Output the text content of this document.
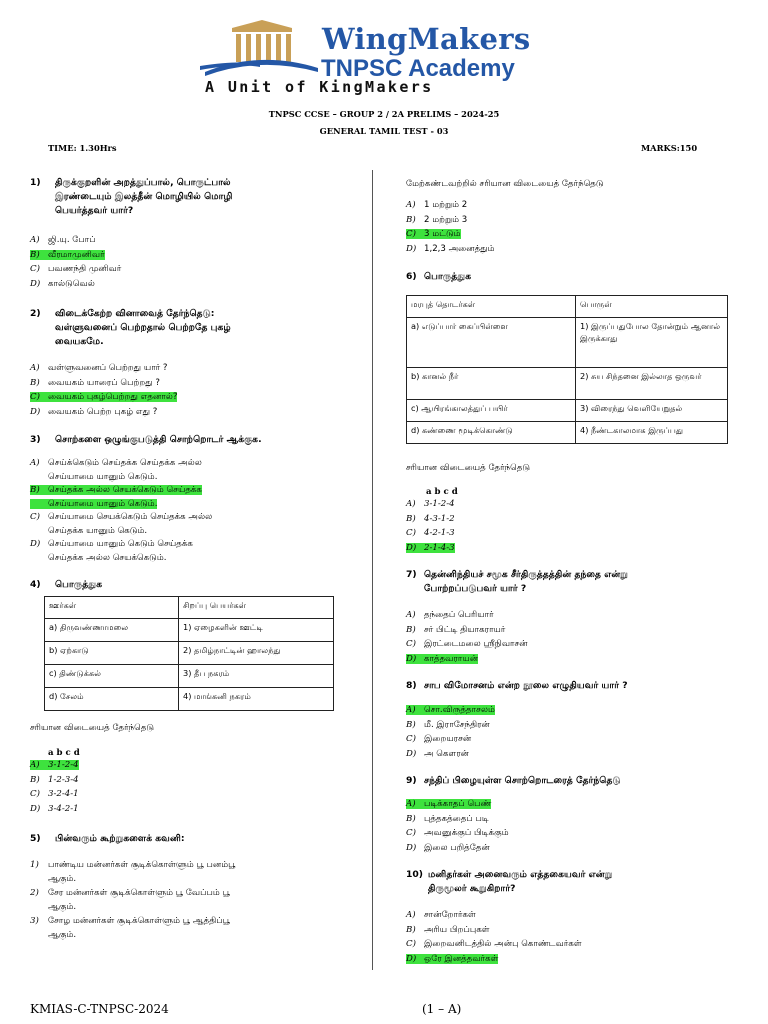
WingMakers
TNPSC Academy
A Unit of KingMakers
TNPSC CCSE – GROUP 2 / 2A PRELIMS – 2024-25
GENERAL TAMIL TEST - 03
TIME: 1.30Hrs	MARKS:150
1) திருக்குறளின் அறத்துப்பால், பொருட்பால்
இரண்டையும் இலத்தீன் மொழியில் மொழி
பெயர்த்தவர் யார்?
A) ஜி.யு. போப்
B) வீரமாமுனிவர்
C) பவணந்தி முனிவர்
D) கால்டுவெல்
2) விடைக்கேற்ற வினாவைத் தேர்ந்தெடு:
வள்ளுவனைப் பெற்றதால் பெற்றதே புகழ்
வையகமே.
A) வள்ளுவனைப் பெற்றது யார் ?
B) வையகம் யாரைப் பெற்றது ?
C) வையகம் புகழ்பெற்றது எதனால்?
D) வையகம் பெற்ற புகழ் எது ?
3) சொற்களை ஒழுங்குபடுத்தி சொற்றொடர் ஆக்குக.
A) செய்க்கெடும் செய்தக்க செய்தக்க அல்ல
செய்யாமை யானும் கெடும்.
B) செய்தக்க அல்ல செயக்கெடும் செய்தக்க
செய்யாமை யானும் கெடும்.
C) செய்யாமை செயக்கெடும் செய்தக்க அல்ல
செய்தக்க யானும் கெடும்.
D) செய்யாமை யானும் கெடும் செய்தக்க
செய்தக்க அல்ல செயக்கெடும்.
4) பொருத்துக
ஊர்கள்	சிறப்பு பெயர்கள்
a) திருவண்ணாமலை	1) ஏழைகளின் ஊட்டி
b) ஏற்காடு	2) தமிழ்நாட்டின் ஹாலந்து
c) திண்டுக்கல்	3) தீப நகரம்
d) சேலம்	4) மாங்கனி நகரம்
சரியான விடையைத் தேர்ந்தெடு
a b c d
A) 3-1-2-4
B) 1-2-3-4
C) 3-2-4-1
D) 3-4-2-1
5) பின்வரும் கூற்றுகளைக் கவனி:
1) பாண்டிய மன்னர்கள் சூடிக்கொள்ளும் பூ பனம்பூ
ஆகும்.
2) சேர மன்னர்கள் சூடிக்கொள்ளும் பூ வேப்பம் பூ
ஆகும்.
3) சோழ மன்னர்கள் சூடிக்கொள்ளும் பூ ஆத்திப்பூ
ஆகும்.
மேற்கண்டவற்றில் சரியான விடையைத் தேர்ந்தெடு
A) 1 மற்றும் 2
B) 2 மற்றும் 3
C) 3 மட்டும்
D) 1,2,3 அனைத்தும்
6) பொருத்துக
மரபுத் தொடர்கள்	பொருள்
a) எடுப்பார் கைப்பிள்ளை	1) இருப்பதுபோல தோன்றும் ஆனால் இருக்காது
b) கானல் நீர்	2) சுய சிந்தனை இல்லாத ஒருவர்
c) ஆயிரங்காலத்துப் பயிர்	3) விரைந்து வெளியேறுதல்
d) கண்ணை மூடிக்கொண்டு	4) நீண்டகாலமாக இருப்பது
சரியான விடையைத் தேர்ந்தெடு
a b c d
A) 3-1-2-4
B) 4-3-1-2
C) 4-2-1-3
D) 2-1-4-3
7) தென்னிந்தியச் சமூக சீர்திருத்தத்தின் தந்தை என்று
போற்றப்படுபவர் யார் ?
A) தந்தைப் பெரியார்
B) சர் பிட்டி தியாகராயர்
C) இரட்டைமலை ஸ்ரீநிவாசன்
D) காத்தவராயன்
8) சாப விமோசனம் என்ற நூலை எழுதியவர் யார் ?
A) சொ.விருத்தாசலம்
B) மீ. இராசேந்திரன்
C) இறையரசன்
D) அ கௌரன்
9) சந்திப் பிழையுள்ள சொற்றொடரைத் தேர்ந்தெடு
A) படிக்காதப் பெண்
B) புத்தகத்தைப் படி
C) அவனுக்குப் பிடிக்கும்
D) இலை பறித்தேன்
10) மனிதர்கள் அனைவரும் எத்தகையவர் என்று
திருமூலர் கூறுகிறார்?
A) சான்றோர்கள்
B) அரிய பிறப்புகள்
C) இறைவனிடத்தில் அன்பு கொண்டவர்கள்
D) ஒரே இனத்தவர்கள்
KMIAS-C-TNPSC-2024	(1 – A)
